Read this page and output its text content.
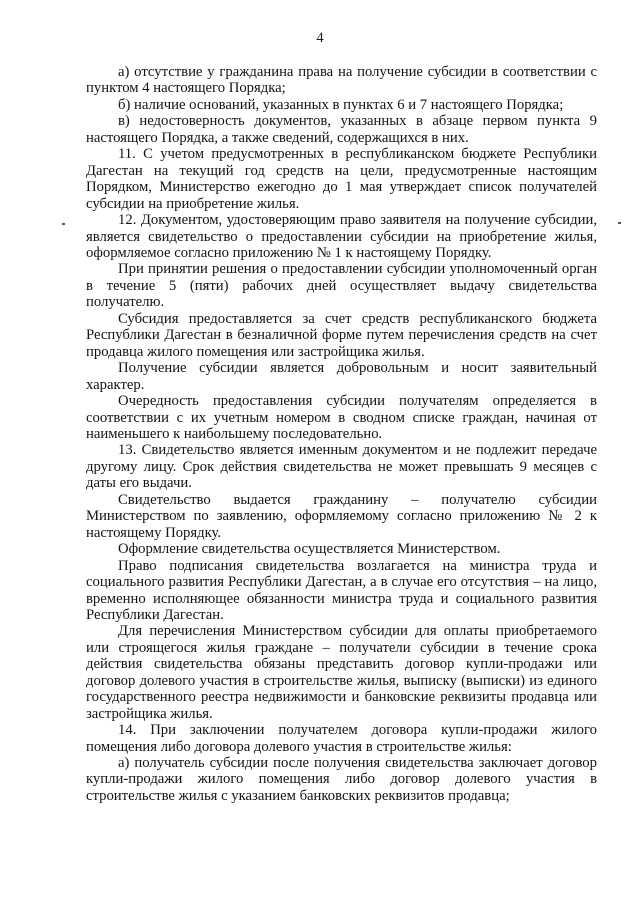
4

а) отсутствие у гражданина права на получение субсидии в соответствии с пунктом 4 настоящего Порядка;

б) наличие оснований, указанных в пунктах 6 и 7 настоящего Порядка;

в) недостоверность документов, указанных в абзаце первом пункта 9 настоящего Порядка, а также сведений, содержащихся в них.

11. С учетом предусмотренных в республиканском бюджете Республики Дагестан на текущий год средств на цели, предусмотренные настоящим Порядком, Министерство ежегодно до 1 мая утверждает список получателей субсидии на приобретение жилья.

12. Документом, удостоверяющим право заявителя на получение субсидии, является свидетельство о предоставлении субсидии на приобретение жилья, оформляемое согласно приложению № 1 к настоящему Порядку.

При принятии решения о предоставлении субсидии уполномоченный орган в течение 5 (пяти) рабочих дней осуществляет выдачу свидетельства получателю.

Субсидия предоставляется за счет средств республиканского бюджета Республики Дагестан в безналичной форме путем перечисления средств на счет продавца жилого помещения или застройщика жилья.

Получение субсидии является добровольным и носит заявительный характер.

Очередность предоставления субсидии получателям определяется в соответствии с их учетным номером в сводном списке граждан, начиная от наименьшего к наибольшему последовательно.

13. Свидетельство является именным документом и не подлежит передаче другому лицу. Срок действия свидетельства не может превышать 9 месяцев с даты его выдачи.

Свидетельство выдается гражданину – получателю субсидии Министерством по заявлению, оформляемому согласно приложению № 2 к настоящему Порядку.

Оформление свидетельства осуществляется Министерством.

Право подписания свидетельства возлагается на министра труда и социального развития Республики Дагестан, а в случае его отсутствия – на лицо, временно исполняющее обязанности министра труда и социального развития Республики Дагестан.

Для перечисления Министерством субсидии для оплаты приобретаемого или строящегося жилья граждане – получатели субсидии в течение срока действия свидетельства обязаны представить договор купли-продажи или договор долевого участия в строительстве жилья, выписку (выписки) из единого государственного реестра недвижимости и банковские реквизиты продавца или застройщика жилья.

14. При заключении получателем договора купли-продажи жилого помещения либо договора долевого участия в строительстве жилья:

а) получатель субсидии после получения свидетельства заключает договор купли-продажи жилого помещения либо договор долевого участия в строительстве жилья с указанием банковских реквизитов продавца;
